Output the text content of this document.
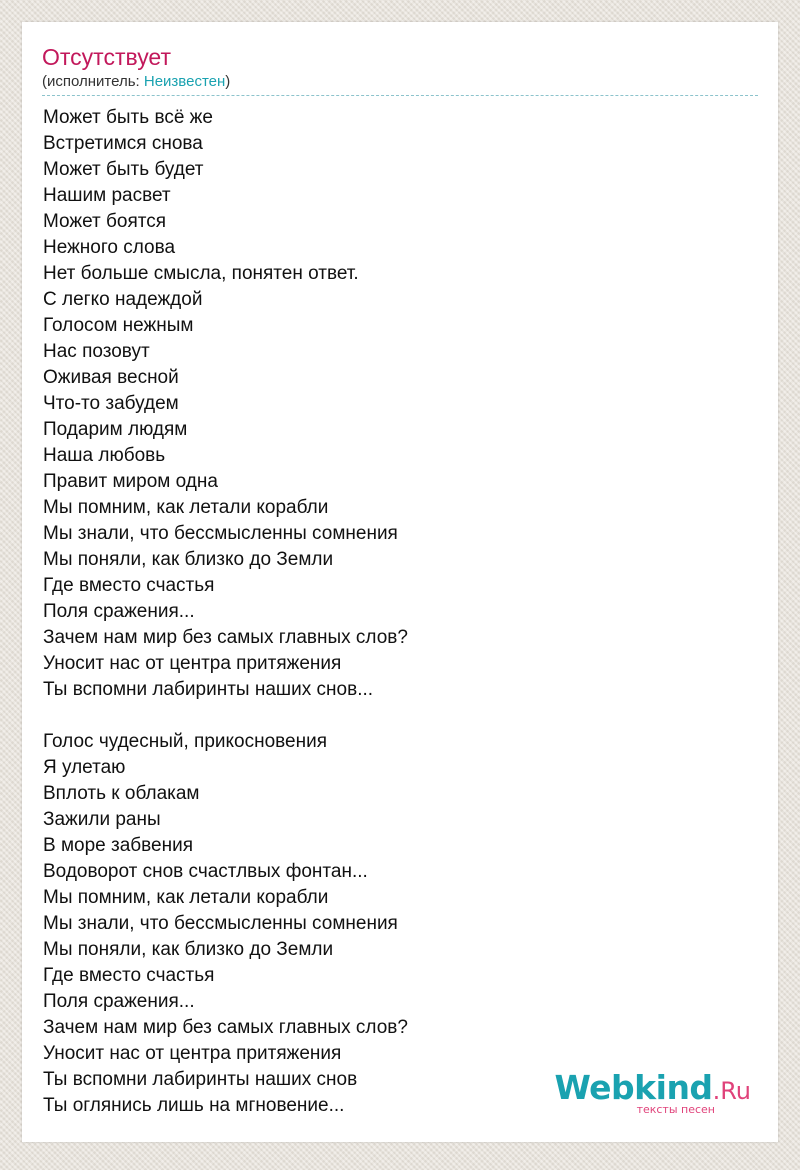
Отсутствует
(исполнитель: Неизвестен)
Может быть всё же
Встретимся снова
Может быть будет
Нашим расвет
Может боятся
Нежного слова
Нет больше смысла, понятен ответ.
С легко надеждой
Голосом нежным
Нас позовут
Оживая весной
Что-то забудем
Подарим людям
Наша любовь
Правит миром одна
Мы помним, как летали корабли
Мы знали, что бессмысленны сомнения
Мы поняли, как близко до Земли
Где вместо счастья
Поля сражения...
Зачем нам мир без самых главных слов?
Уносит нас от центра притяжения
Ты вспомни лабиринты наших снов...
Голос чудесный, прикосновения
Я улетаю
Вплоть к облакам
Зажили раны
В море забвения
Водоворот снов счастлвых фонтан...
Мы помним, как летали корабли
Мы знали, что бессмысленны сомнения
Мы поняли, как близко до Земли
Где вместо счастья
Поля сражения...
Зачем нам мир без самых главных слов?
Уносит нас от центра притяжения
Ты вспомни лабиринты наших снов
Ты оглянись лишь на мгновение...	Webkind.Ru
тексты песен
